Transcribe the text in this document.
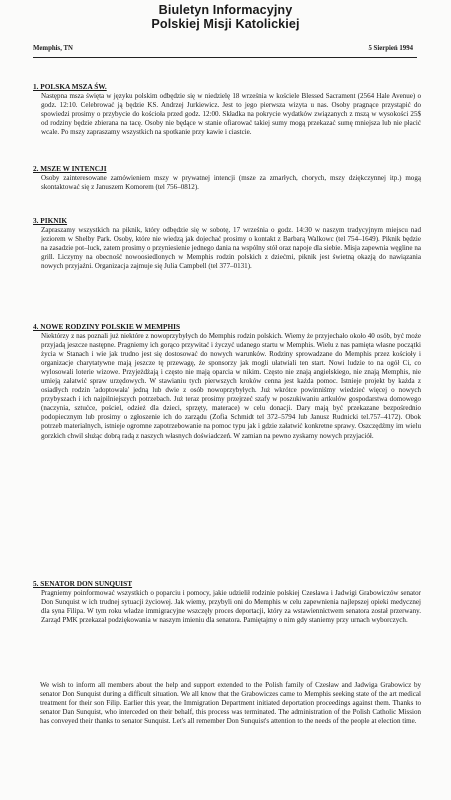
Biuletyn Informacyjny
Polskiej Misji Katolickiej
Memphis, TN	5 Sierpień 1994
1. POLSKA MSZA ŚW.
Następna msza święta w języku polskim odbędzie się w niedzielę 18 września w kościele Blessed Sacrament (2564 Hale Avenue) o godz. 12:10. Celebrować ją będzie KS. Andrzej Jurkiewicz. Jest to jego pierwsza wizyta u nas. Osoby pragnące przystąpić do spowiedzi prosimy o przybycie do kościoła przed godz. 12:00. Składka na pokrycie wydatków związanych z mszą w wysokości 25$ od rodziny będzie zbierana na tacę. Osoby nie będące w stanie ofiarować takiej sumy mogą przekazać sumę mniejsza lub nie płacić wcale. Po mszy zapraszamy wszystkich na spotkanie przy kawie i ciastcie.
2. MSZE W INTENCJI
Osoby zainteresowane zamówieniem mszy w prywatnej intencji (msze za zmarłych, chorych, mszy dziękczynnej itp.) mogą skontaktować się z Januszem Komorem (tel 756–0812).
3. PIKNIK
Zapraszamy wszystkich na piknik, który odbędzie się w sobotę, 17 września o godz. 14:30 w naszym tradycyjnym miejscu nad jeziorem w Shelby Park. Osoby, które nie wiedzą jak dojechać prosimy o kontakt z Barbarą Walkowc (tel 754–1649). Piknik będzie na zasadzie pot–luck, zatem prosimy o przyniesienie jednego dania na wspólny stół oraz napoje dla siebie. Misja zapewnia węgline na grill. Liczymy na obecność nowoosiedlonych w Memphis rodzin polskich z dziećmi, piknik jest świetną okazją do nawiązania nowych przyjaźni. Organizacja zajmuje się Julia Campbell (tel 377–0131).
4. NOWE RODZINY POLSKIE W MEMPHIS
Niektórzy z nas poznali już niektóre z nowoprzybyłych do Memphis rodzin polskich. Wiemy że przyjechało około 40 osób, być może przyjadą jeszcze następne. Pragniemy ich gorąco przywitać i życzyć udanego startu w Memphis. Wielu z nas pamięta własne początki życia w Stanach i wie jak trudno jest się dostosować do nowych warunków. Rodziny sprowadzane do Memphis przez kościoły i organizacje charytatywne mają jeszcze tę przewagę, że sponsorzy jak mogli ułatwiali ten start. Nowi ludzie to na ogół Ci, co wylosowali loterie wizowe. Przyjeżdżają i często nie mają oparcia w nikim. Często nie znają angielskiego, nie znają Memphis, nie umieją załatwić spraw urzędowych. W stawianiu tych pierwszych kroków cenna jest każda pomoc. Istnieje projekt by każda z osiadłych rodzin 'adoptowała' jedną lub dwie z osób nowoprzybyłych. Już wkrótce powinniśmy wiedzieć więcej o nowych przybyszach i ich najpilniejszych potrzebach. Już teraz prosimy przejrzeć szafy w poszukiwaniu artkułów gospodarstwa domowego (naczynia, sztućce, pościel, odzież dla dzieci, sprzęty, materace) w celu donacji. Dary mają być przekazane bezpośrednio podopiecznym lub prosimy o zgłoszenie ich do zarządu (Zofia Schmidt tel 372–5794 lub Janusz Rudnicki tel.757–4172). Obok potrzeb materialnych, istnieje ogromne zapotrzebowanie na pomoc typu jak i gdzie załatwić konkretne sprawy. Oszczędźmy im wielu gorzkich chwil służąc dobrą radą z naszych własnych doświadczeń. W zamian na pewno zyskamy nowych przyjaciół.
5. SENATOR DON SUNQUIST
Pragniemy poinformować wszystkich o poparciu i pomocy, jakie udzielił rodzinie polskiej Czesława i Jadwigi Grabowiczów senator Don Sunquist w ich trudnej sytuacji życiowej. Jak wiemy, przybyli oni do Memphis w celu zapewnienia najlepszej opieki medycznej dla syna Filipa. W tym roku władze immigracyjne wszczęły proces deportacji, który za wstawiennictwem senatora został przerwany. Zarząd PMK przekazał podziękowania w naszym imieniu dla senatora. Pamiętajmy o nim gdy staniemy przy urnach wyborczych.
We wish to inform all members about the help and support extended to the Polish family of Czesław and Jadwiga Grabowicz by senator Don Sunquist during a difficult situation. We all know that the Grabowiczes came to Memphis seeking state of the art medical treatment for their son Filip. Earlier this year, the Immigration Department initiated deportation proceedings against them. Thanks to senator Dan Sunquist, who interceded on their behalf, this process was terminated. The administration of the Polish Catholic Mission has conveyed their thanks to senator Sunquist. Let's all remember Don Sunquist's attention to the needs of the people at election time.
